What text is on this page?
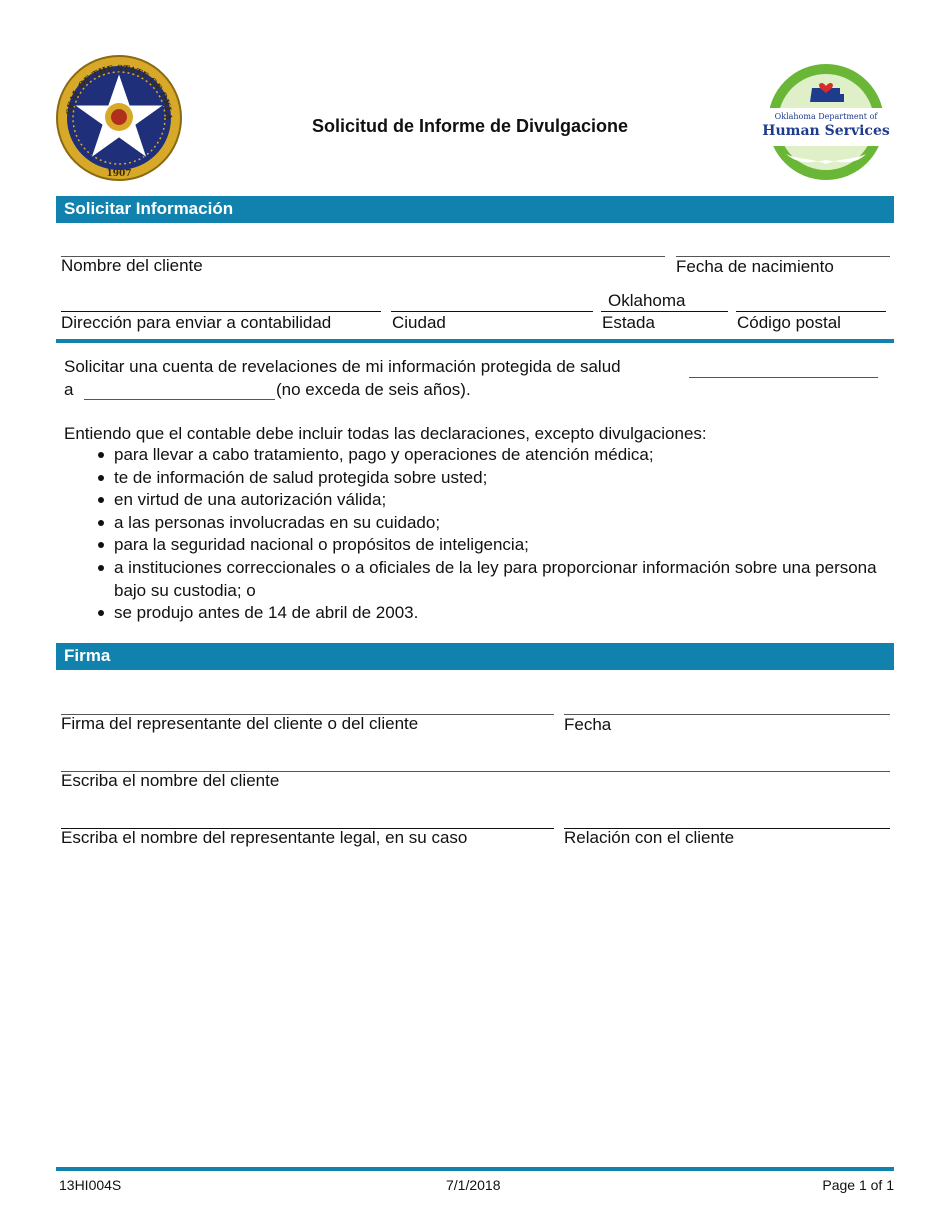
SEAL OF THE STATE OF OKLA
1907
Solicitud de Informe de Divulgacione	Oklahoma Department of
Human Services
Solicitar Información
Nombre del cliente	Fecha de nacimiento
Oklahoma
Dirección para enviar a contabilidad	Ciudad	Estada	Código postal
Solicitar una cuenta de revelaciones de mi información protegida de salud
a	(no exceda de seis años).
Entiendo que el contable debe incluir todas las declaraciones, excepto divulgaciones:
para llevar a cabo tratamiento, pago y operaciones de atención médica;
te de información de salud protegida sobre usted;
en virtud de una autorización válida;
a las personas involucradas en su cuidado;
para la seguridad nacional o propósitos de inteligencia;
a instituciones correccionales o a oficiales de la ley para proporcionar información sobre una persona bajo su custodia; o
se produjo antes de 14 de abril de 2003.
Firma
Firma del representante del cliente o del cliente	Fecha
Escriba el nombre del cliente
Escriba el nombre del representante legal, en su caso	Relación con el cliente
13HI004S	7/1/2018	Page 1 of 1
